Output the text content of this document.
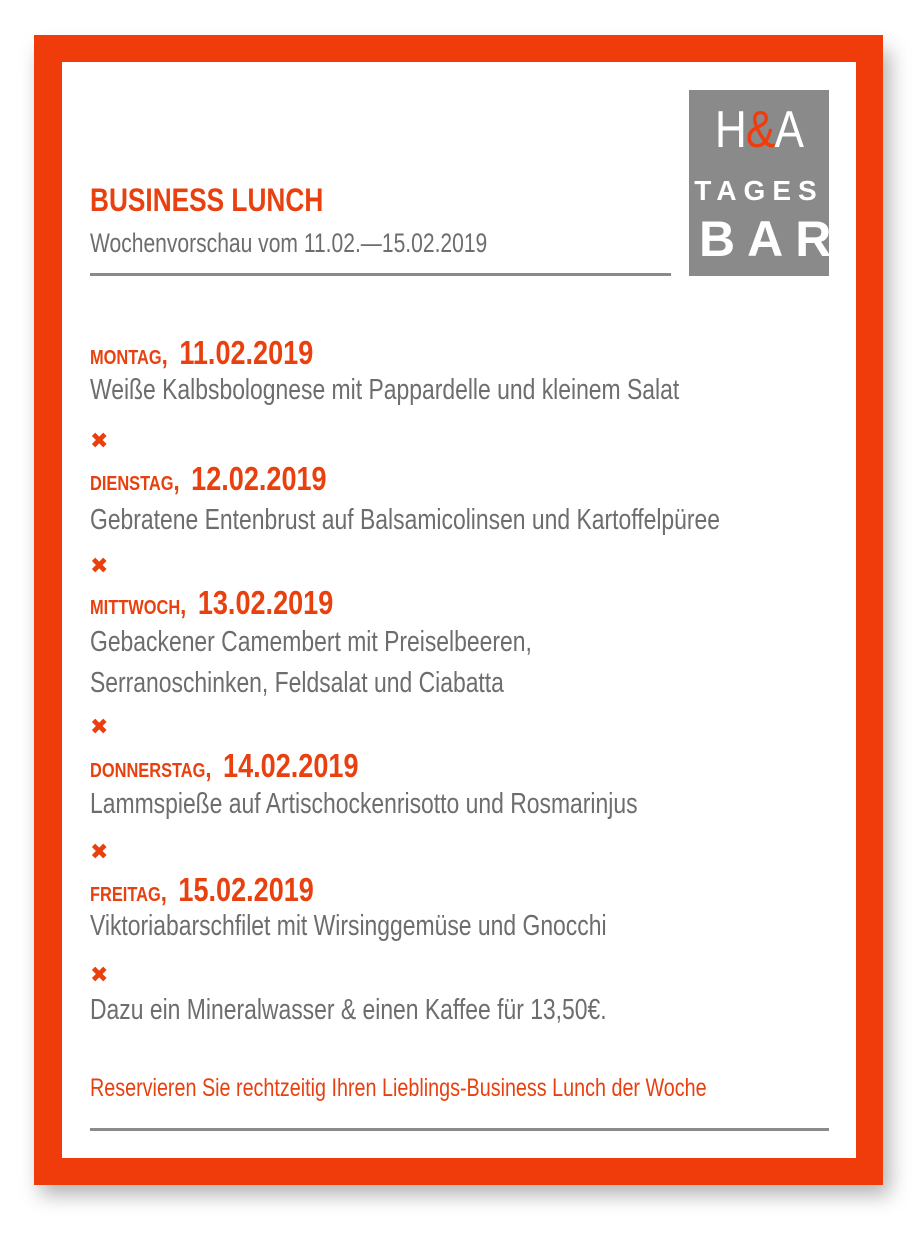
H&A
TAGES
BAR
BUSINESS LUNCH
Wochenvorschau vom 11.02.—15.02.2019
MONTAG, 11.02.2019
Weiße Kalbsbolognese mit Pappardelle und kleinem Salat
✖
DIENSTAG, 12.02.2019
Gebratene Entenbrust auf Balsamicolinsen und Kartoffelpüree
✖
MITTWOCH, 13.02.2019
Gebackener Camembert mit Preiselbeeren,
Serranoschinken, Feldsalat und Ciabatta
✖
DONNERSTAG, 14.02.2019
Lammspieße auf Artischockenrisotto und Rosmarinjus
✖
FREITAG, 15.02.2019
Viktoriabarschfilet mit Wirsinggemüse und Gnocchi
✖
Dazu ein Mineralwasser & einen Kaffee für 13,50€.
Reservieren Sie rechtzeitig Ihren Lieblings-Business Lunch der Woche
